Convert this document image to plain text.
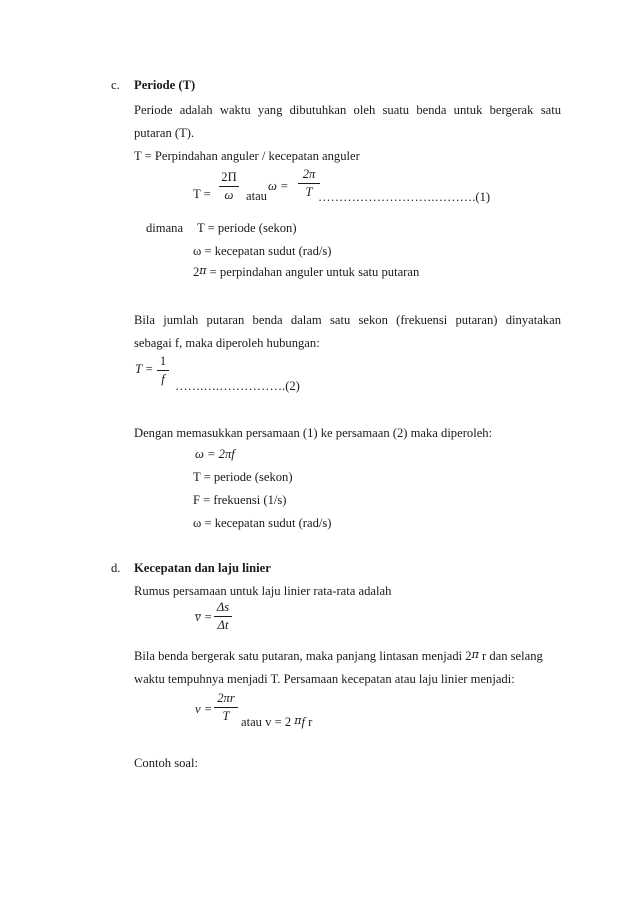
c. Periode (T)
Periode adalah waktu yang dibutuhkan oleh suatu benda untuk bergerak satu
putaran (T).
T = Perpindahan anguler / kecepatan anguler
T =
2Π
ω atau
ω =
2π
T ……………………….……….(1)
dimana T = periode (sekon)
ω = kecepatan sudut (rad/s)
2π = perpindahan anguler untuk satu putaran
Bila jumlah putaran benda dalam satu sekon (frekuensi putaran) dinyatakan
sebagai f, maka diperoleh hubungan:
T =
1
f
…….….…………….(2)
Dengan memasukkan persamaan (1) ke persamaan (2) maka diperoleh:
ω = 2πf
T = periode (sekon)
F = frekuensi (1/s)
ω = kecepatan sudut (rad/s)
d. Kecepatan dan laju linier
Rumus persamaan untuk laju linier rata-rata adalah
v̅ =
Δs
Δt
Bila benda bergerak satu putaran, maka panjang lintasan menjadi 2π r dan selang
waktu tempuhnya menjadi T. Persamaan kecepatan atau laju linier menjadi:
v =
2πr
T atau v = 2 πf r
Contoh soal:
